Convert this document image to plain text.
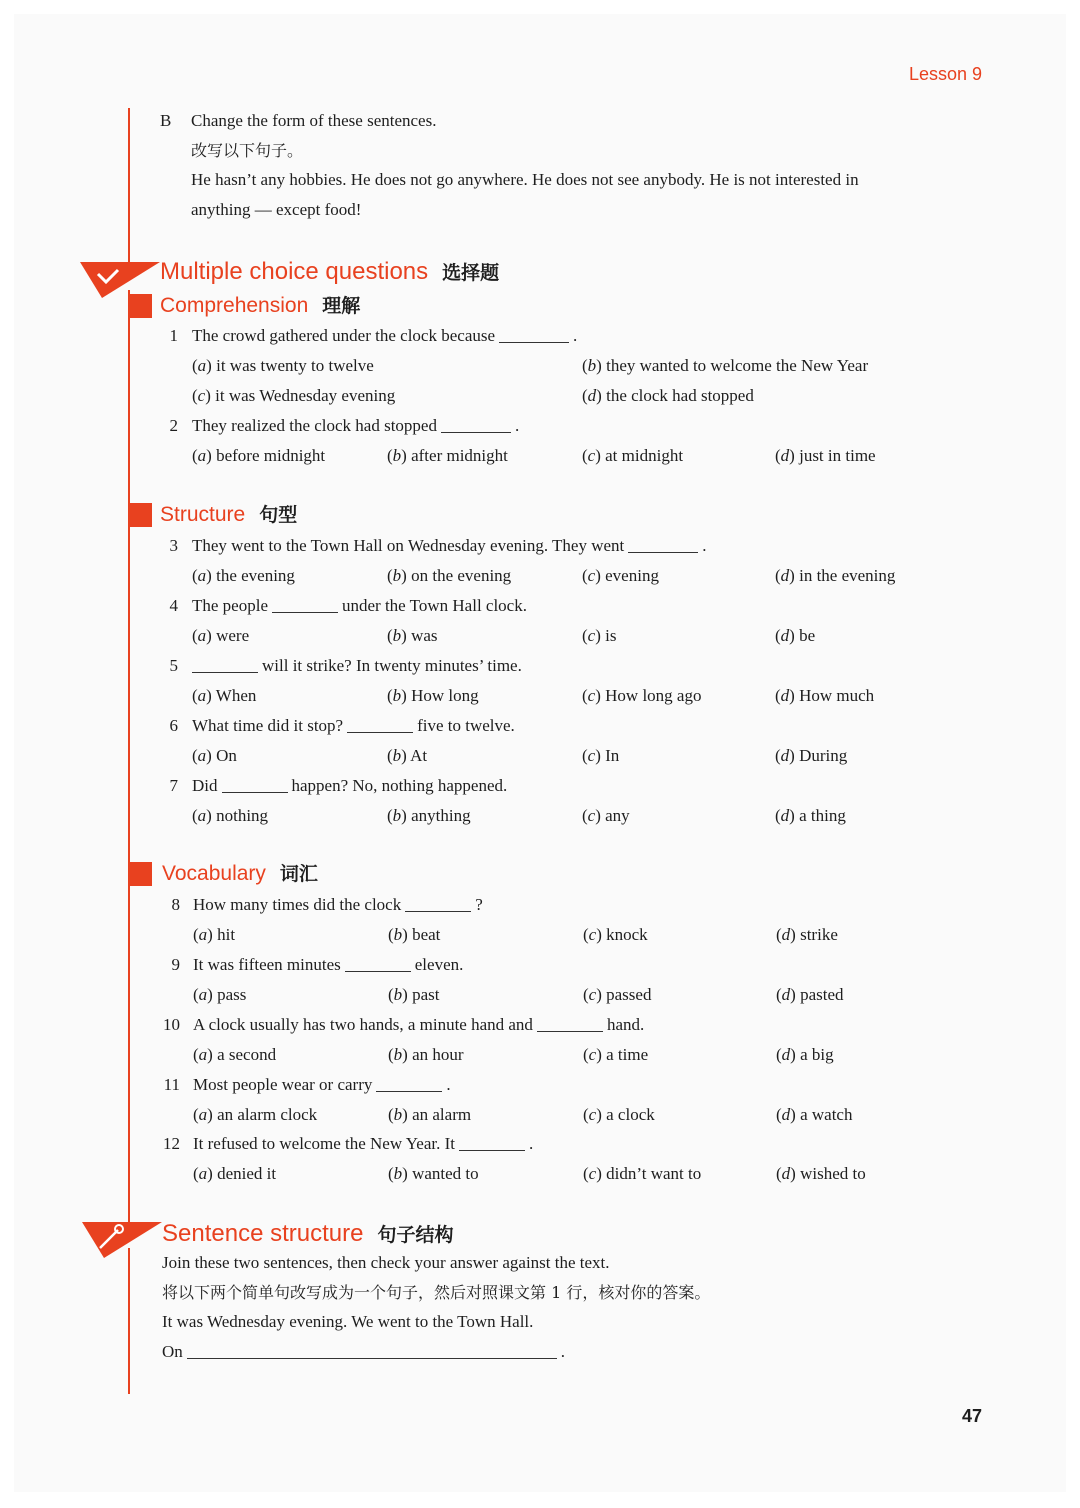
Lesson 9
B Change the form of these sentences.
改写以下句子。
He hasn’t any hobbies. He does not go anywhere. He does not see anybody. He is not interested in
anything — except food!
Multiple choice questions 选择题
Comprehension 理解
1 The crowd gathered under the clock because	.
(a) it was twenty to twelve	(b) they wanted to welcome the New Year
(c) it was Wednesday evening	(d) the clock had stopped
2 They realized the clock had stopped	.
(a) before midnight	(b) after midnight	(c) at midnight	(d) just in time
Structure 句型
3 They went to the Town Hall on Wednesday evening. They went	.
(a) the evening	(b) on the evening	(c) evening	(d) in the evening
4 The people	under the Town Hall clock.
(a) were	(b) was	(c) is	(d) be
5	will it strike? In twenty minutes’ time.
(a) When	(b) How long	(c) How long ago	(d) How much
6 What time did it stop?	five to twelve.
(a) On	(b) At	(c) In	(d) During
7 Did	happen? No, nothing happened.
(a) nothing	(b) anything	(c) any	(d) a thing
Vocabulary 词汇
8 How many times did the clock	?
(a) hit	(b) beat	(c) knock	(d) strike
9 It was fifteen minutes	eleven.
(a) pass	(b) past	(c) passed	(d) pasted
10 A clock usually has two hands, a minute hand and	hand.
(a) a second	(b) an hour	(c) a time	(d) a big
11 Most people wear or carry	.
(a) an alarm clock	(b) an alarm	(c) a clock	(d) a watch
12 It refused to welcome the New Year. It	.
(a) denied it	(b) wanted to	(c) didn’t want to	(d) wished to
Sentence structure 句子结构
Join these two sentences, then check your answer against the text.
将以下两个简单句改写成为一个句子，然后对照课文第 1 行，核对你的答案。
It was Wednesday evening. We went to the Town Hall.
On	.
47
